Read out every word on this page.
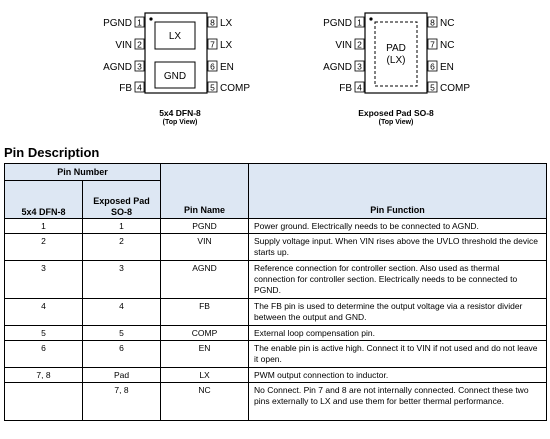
LX
GND
PGND 1
VIN 2
AGND 3
FB 4
8 LX
7 LX
6 EN
5 COMP
5x4 DFN-8
(Top View)
PAD
(LX)
PGND 1
VIN 2
AGND 3
FB 4
8 NC
7 NC
6 EN
5 COMP
Exposed Pad SO-8
(Top View)
Pin Description
Pin Number		Pin Name	Pin Function
5x4 DFN-8	Exposed Pad SO-8		
1	1	PGND	Power ground. Electrically needs to be connected to AGND.
2	2	VIN	Supply voltage input. When VIN rises above the UVLO threshold the device starts up.
3	3	AGND	Reference connection for controller section. Also used as thermal connection for controller section. Electrically needs to be connected to PGND.
4	4	FB	The FB pin is used to determine the output voltage via a resistor divider between the output and GND.
5	5	COMP	External loop compensation pin.
6	6	EN	The enable pin is active high. Connect it to VIN if not used and do not leave it open.
7, 8	Pad	LX	PWM output connection to inductor.
	7, 8	NC	No Connect. Pin 7 and 8 are not internally connected. Connect these two pins externally to LX and use them for better thermal performance.
